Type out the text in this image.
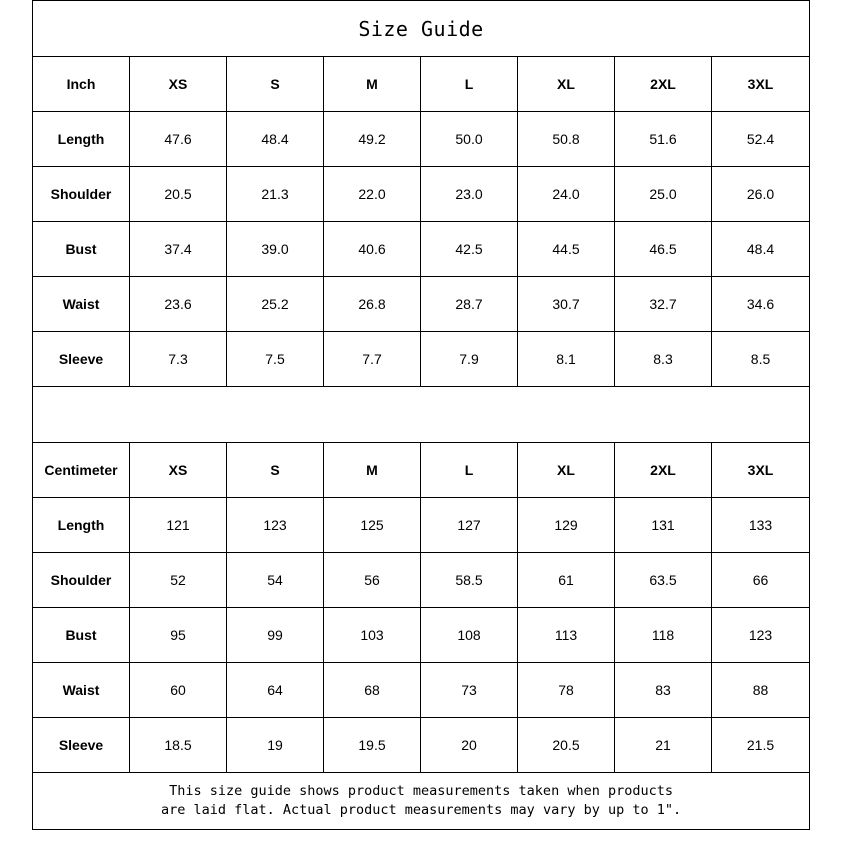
Size Guide							
Inch	XS	S	M	L	XL	2XL	3XL
Length	47.6	48.4	49.2	50.0	50.8	51.6	52.4
Shoulder	20.5	21.3	22.0	23.0	24.0	25.0	26.0
Bust	37.4	39.0	40.6	42.5	44.5	46.5	48.4
Waist	23.6	25.2	26.8	28.7	30.7	32.7	34.6
Sleeve	7.3	7.5	7.7	7.9	8.1	8.3	8.5

Centimeter	XS	S	M	L	XL	2XL	3XL
Length	121	123	125	127	129	131	133
Shoulder	52	54	56	58.5	61	63.5	66
Bust	95	99	103	108	113	118	123
Waist	60	64	68	73	78	83	88
Sleeve	18.5	19	19.5	20	20.5	21	21.5

This size guide shows product measurements taken when products
are laid flat. Actual product measurements may vary by up to 1".							
